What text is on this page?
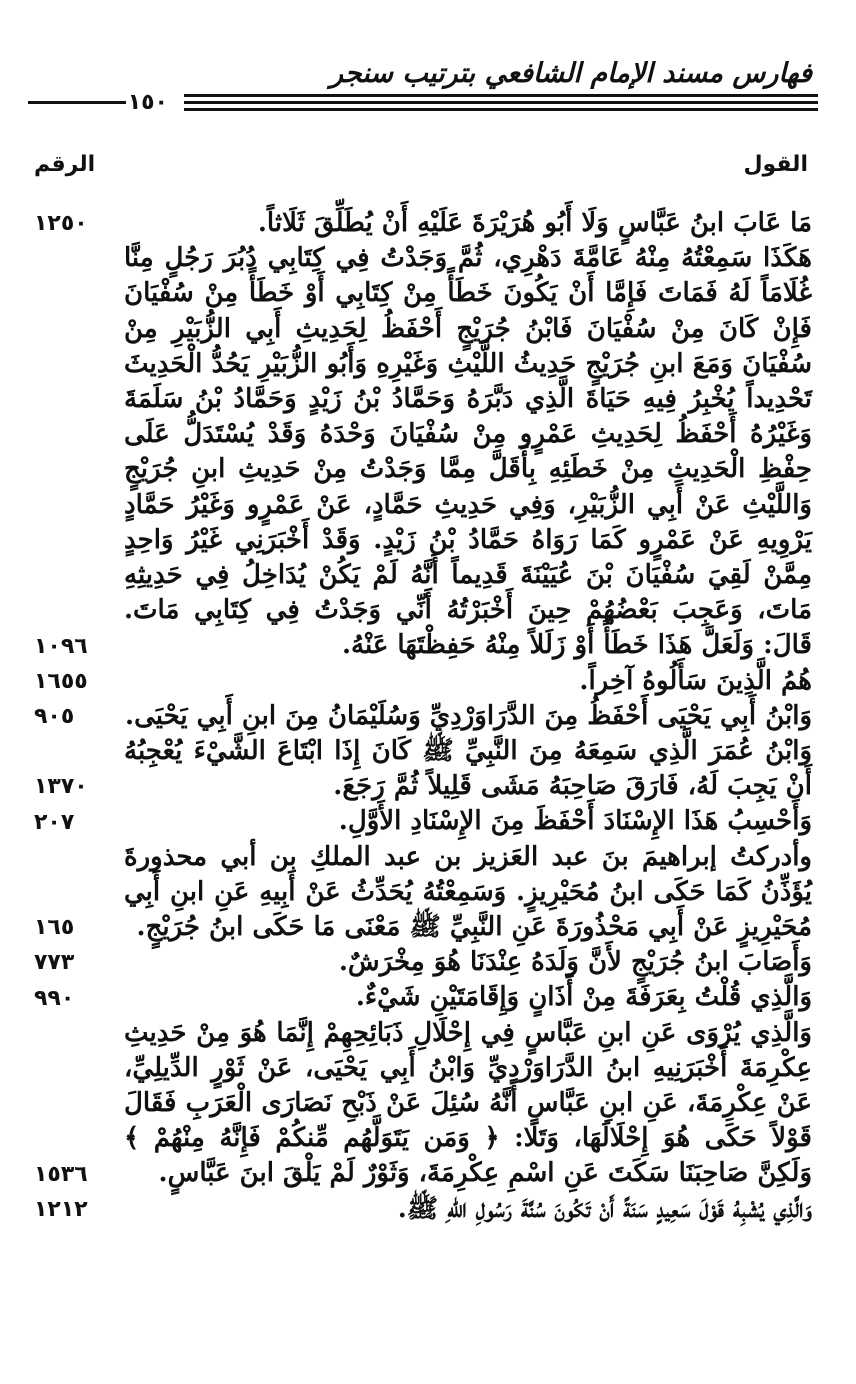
فهارس مسند الإمام الشافعي بترتيب سنجر
١٥٠
القول
الرقم
مَا عَابَ ابنُ عَبَّاسٍ وَلَا أَبُو هُرَيْرَةَ عَلَيْهِ أَنْ يُطَلِّقَ ثَلَاثاً.
١٢٥٠
هَكَذَا سَمِعْتُهُ مِنْهُ عَامَّةَ دَهْرِي، ثُمَّ وَجَدْتُ فِي كِتَابِي دُبُرَ رَجُلٍ مِنَّا غُلَامَاً لَهُ فَمَاتَ فَإِمَّا أَنْ يَكُونَ خَطَأً مِنْ كِتَابِي أَوْ خَطَأً مِنْ سُفْيَانَ فَإِنْ كَانَ مِنْ سُفْيَانَ فَابْنُ جُرَيْجٍ أَحْفَظُ لِحَدِيثِ أَبِي الزُّبَيْرِ مِنْ سُفْيَانَ وَمَعَ ابنِ جُرَيْجٍ حَدِيثُ اللَّيْثِ وَغَيْرِهِ وَأَبُو الزُّبَيْرِ يَحُدُّ الْحَدِيثَ تَحْدِيداً يُخْبِرُ فِيهِ حَيَاةَ الَّذِي دَبَّرَهُ وَحَمَّادُ بْنُ زَيْدٍ وَحَمَّادُ بْنُ سَلَمَةَ وَغَيْرُهُ أَحْفَظُ لِحَدِيثِ عَمْرٍو مِنْ سُفْيَانَ وَحْدَهُ وَقَدْ يُسْتَدَلُّ عَلَى حِفْظِ الْحَدِيثِ مِنْ خَطَئِهِ بِأَقَلَّ مِمَّا وَجَدْتُ مِنْ حَدِيثِ ابنِ جُرَيْجٍ وَاللَّيْثِ عَنْ أَبِي الزُّبَيْرِ، وَفِي حَدِيثِ حَمَّادٍ، عَنْ عَمْرٍو وَغَيْرُ حَمَّادٍ يَرْوِيهِ عَنْ عَمْرٍو كَمَا رَوَاهُ حَمَّادُ بْنُ زَيْدٍ. وَقَدْ أَخْبَرَنِي غَيْرُ وَاحِدٍ مِمَّنْ لَقِيَ سُفْيَانَ بْنَ عُيَيْنَةَ قَدِيماً أَنَّهُ لَمْ يَكُنْ يُدَاخِلُ فِي حَدِيثِهِ مَاتَ، وَعَجِبَ بَعْضُهُمْ حِينَ أَخْبَرْتُهُ أَنِّي وَجَدْتُ فِي كِتَابِي مَاتَ. قَالَ: وَلَعَلَّ هَذَا خَطَأً أَوْ زَلَلاً مِنْهُ حَفِظْتَهَا عَنْهُ.
١٠٩٦
هُمُ الَّذِينَ سَأَلُوهُ آخِراً.
١٦٥٥
وَابْنُ أَبِي يَحْيَى أَحْفَظُ مِنَ الدَّرَاوَرْدِيِّ وَسُلَيْمَانُ مِنَ ابنِ أَبِي يَحْيَى.
٩٠٥
وَابْنُ عُمَرَ الَّذِي سَمِعَهُ مِنَ النَّبِيِّ ﷺ كَانَ إِذَا ابْتَاعَ الشَّيْءَ يُعْجِبُهُ أَنْ يَجِبَ لَهُ، فَارَقَ صَاحِبَهُ مَشَى قَلِيلاً ثُمَّ رَجَعَ.
١٣٧٠
وَأَحْسِبُ هَذَا الإِسْنَادَ أَحْفَظَ مِنَ الإِسْنَادِ الأَوَّلِ.
٢٠٧
وأدركتُ إبراهيمَ بنَ عبد العَزيز بن عبد الملكِ بن أبي محذورةَ يُؤَذِّنُ كَمَا حَكَى ابنُ مُحَيْرِيزٍ. وَسَمِعْتُهُ يُحَدِّثُ عَنْ أَبِيهِ عَنِ ابنِ أَبِي مُحَيْرِيزٍ عَنْ أَبِي مَحْذُورَةَ عَنِ النَّبِيِّ ﷺ مَعْنَى مَا حَكَى ابنُ جُرَيْجٍ.
١٦٥
وَأَصَابَ ابنُ جُرَيْجٍ لأَنَّ وَلَدَهُ عِنْدَنَا هُوَ مِخْرَشٌ.
٧٧٣
وَالَّذِي قُلْتُ بِعَرَفَةَ مِنْ أَذَانٍ وَإِقَامَتَيْنِ شَيْءٌ.
٩٩٠
وَالَّذِي يُرْوَى عَنِ ابنِ عَبَّاسٍ فِي إِحْلَالِ ذَبَائِحِهِمْ إِنَّمَا هُوَ مِنْ حَدِيثِ عِكْرِمَةَ أَخْبَرَنِيهِ ابنُ الدَّرَاوَرْدِيِّ وَابْنُ أَبِي يَحْيَى، عَنْ ثَوْرٍ الدِّيلِيِّ، عَنْ عِكْرِمَةَ، عَنِ ابنِ عَبَّاسٍ أَنَّهُ سُئِلَ عَنْ ذَبْحِ نَصَارَى الْعَرَبِ فَقَالَ قَوْلاً حَكَى هُوَ إِحْلَالَهَا، وَتَلَا: ﴿ وَمَن يَتَوَلَّهُم مِّنكُمْ فَإِنَّهُ مِنْهُمْ ﴾ وَلَكِنَّ صَاحِبَنَا سَكَتَ عَنِ اسْمِ عِكْرِمَةَ، وَثَوْرٌ لَمْ يَلْقَ ابنَ عَبَّاسٍ.
١٥٣٦
وَالَّذِي يُشْبِهُ قَوْلَ سَعِيدٍ سَنَةً أَنْ تَكُونَ سُنَّةَ رَسُولِ اللهِ ﷺ.
١٢١٢
